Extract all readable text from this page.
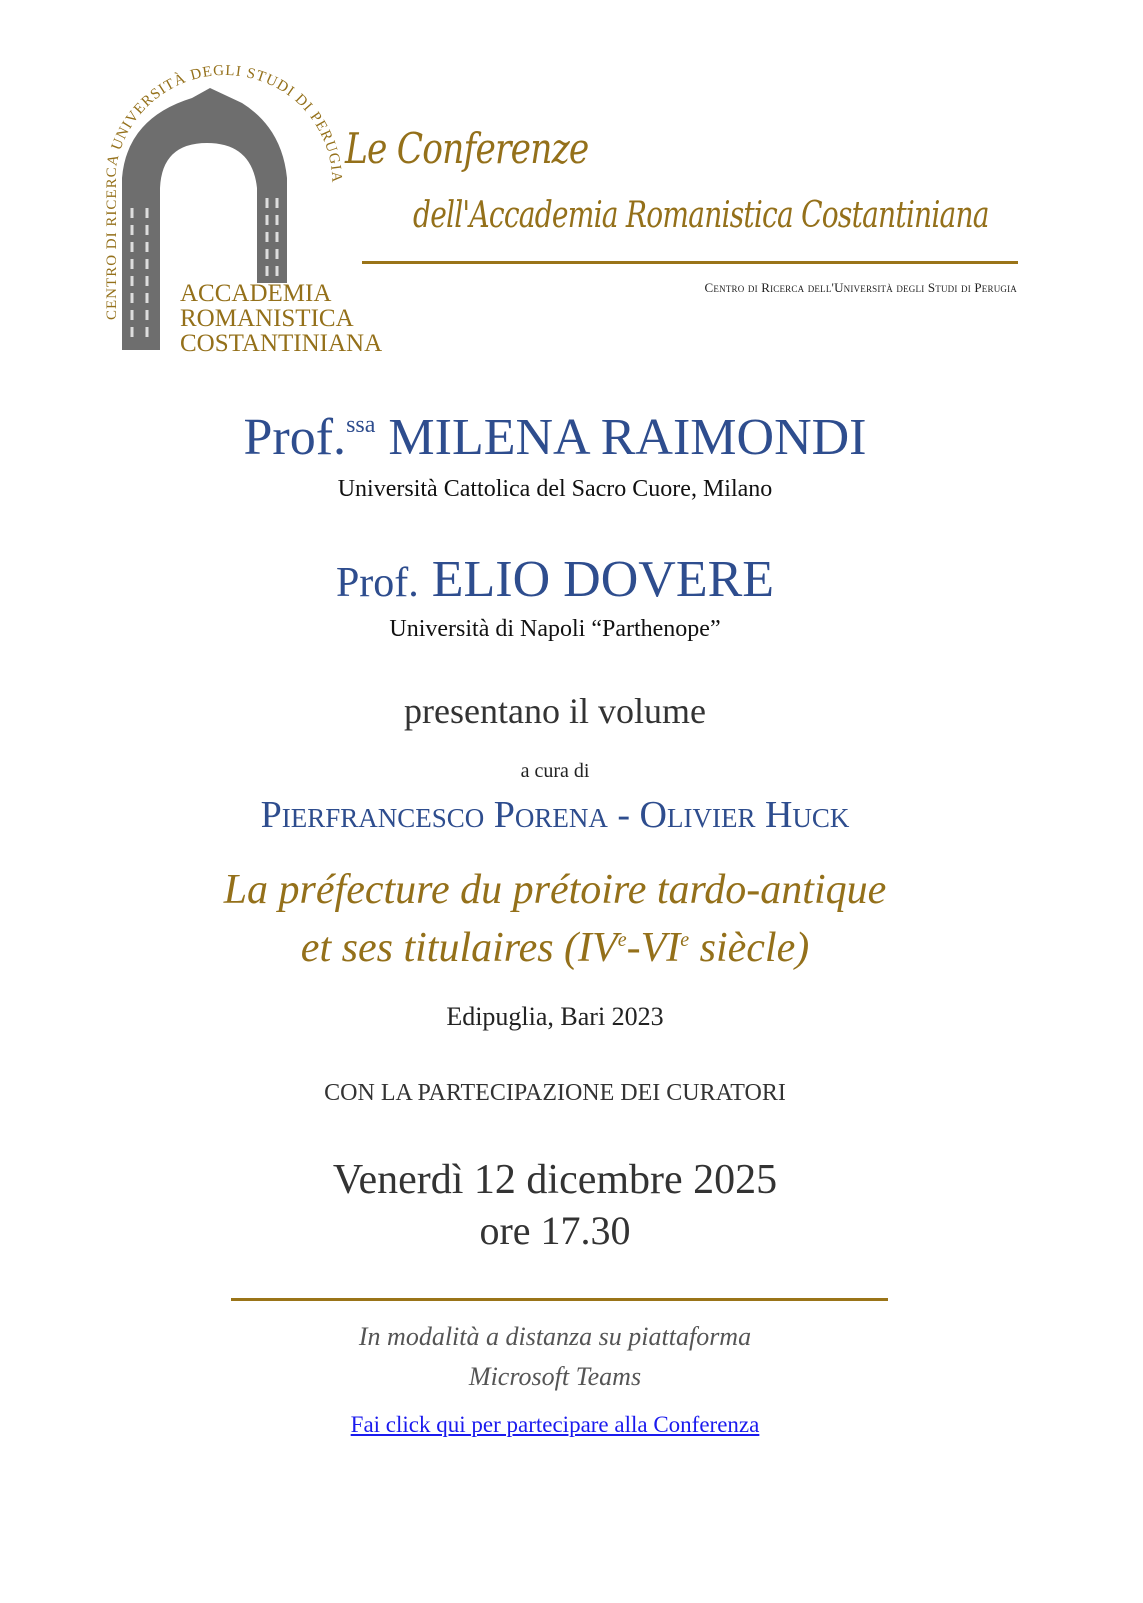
CENTRO DI RICERCA UNIVERSITÀ DEGLI STUDI DI PERUGIA
ACCADEMIA
ROMANISTICA
COSTANTINIANA
Le Conferenze
dell'Accademia Romanistica Costantiniana
Centro di Ricerca dell'Università degli Studi di Perugia
Prof.$^{ssa}$ MILENA RAIMONDI
Università Cattolica del Sacro Cuore, Milano
Prof. ELIO DOVERE
Università di Napoli “Parthenope”
presentano il volume
a cura di
Pierfrancesco Porena - Olivier Huck
La préfecture du prétoire tardo-antique
et ses titulaires (IVe-VIe siècle)
Edipuglia, Bari 2023
CON LA PARTECIPAZIONE DEI CURATORI
Venerdì 12 dicembre 2025
ore 17.30
In modalità a distanza su piattaforma
Microsoft Teams
Fai click qui per partecipare alla Conferenza
